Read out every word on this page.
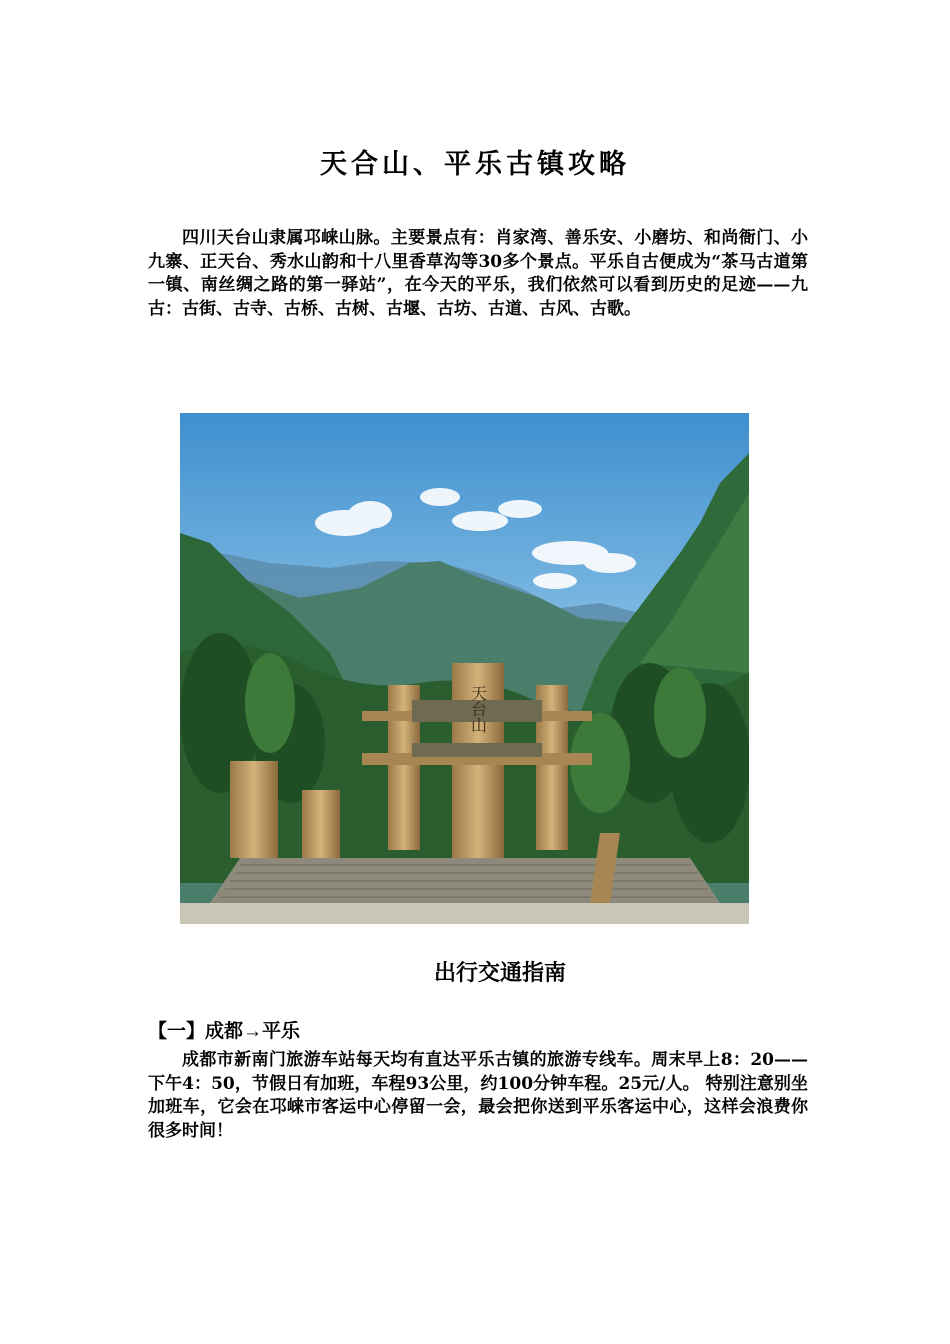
天合山、平乐古镇攻略

四川天台山隶属邛崃山脉。主要景点有：肖家湾、善乐安、小磨坊、和尚衙门、小九寨、正天台、秀水山韵和十八里香草沟等30多个景点。平乐自古便成为“茶马古道第一镇、南丝绸之路的第一驿站”，在今天的平乐，我们依然可以看到历史的足迹——九古：古街、古寺、古桥、古树、古堰、古坊、古道、古风、古歌。

天台山
出行交通指南
【一】成都→平乐

成都市新南门旅游车站每天均有直达平乐古镇的旅游专线车。周末早上8：20——下午4：50，节假日有加班，车程93公里，约100分钟车程。25元/人。 特别注意别坐加班车，它会在邛崃市客运中心停留一会，最会把你送到平乐客运中心，这样会浪费你很多时间！
